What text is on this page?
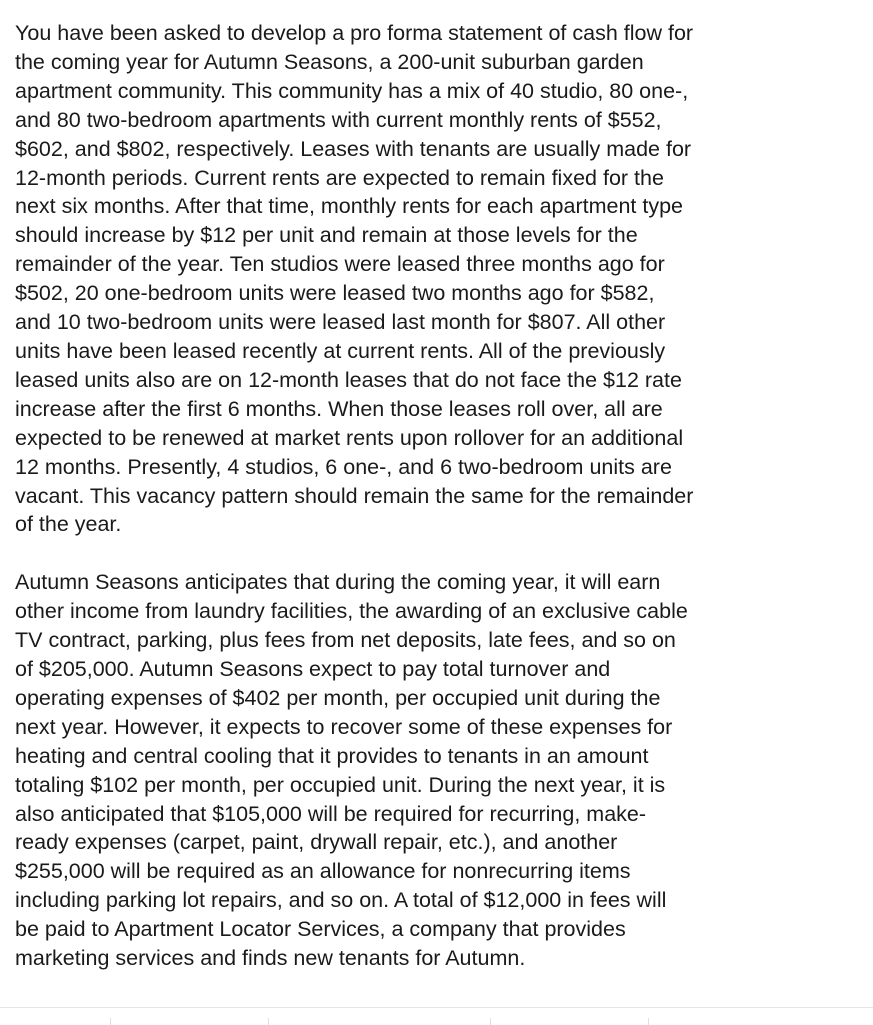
You have been asked to develop a pro forma statement of cash flow for
the coming year for Autumn Seasons, a 200-unit suburban garden
apartment community. This community has a mix of 40 studio, 80 one-,
and 80 two-bedroom apartments with current monthly rents of $552,
$602, and $802, respectively. Leases with tenants are usually made for
12-month periods. Current rents are expected to remain fixed for the
next six months. After that time, monthly rents for each apartment type
should increase by $12 per unit and remain at those levels for the
remainder of the year. Ten studios were leased three months ago for
$502, 20 one-bedroom units were leased two months ago for $582,
and 10 two-bedroom units were leased last month for $807. All other
units have been leased recently at current rents. All of the previously
leased units also are on 12-month leases that do not face the $12 rate
increase after the first 6 months. When those leases roll over, all are
expected to be renewed at market rents upon rollover for an additional
12 months. Presently, 4 studios, 6 one-, and 6 two-bedroom units are
vacant. This vacancy pattern should remain the same for the remainder
of the year.

Autumn Seasons anticipates that during the coming year, it will earn
other income from laundry facilities, the awarding of an exclusive cable
TV contract, parking, plus fees from net deposits, late fees, and so on
of $205,000. Autumn Seasons expect to pay total turnover and
operating expenses of $402 per month, per occupied unit during the
next year. However, it expects to recover some of these expenses for
heating and central cooling that it provides to tenants in an amount
totaling $102 per month, per occupied unit. During the next year, it is
also anticipated that $105,000 will be required for recurring, make-
ready expenses (carpet, paint, drywall repair, etc.), and another
$255,000 will be required as an allowance for nonrecurring items
including parking lot repairs, and so on. A total of $12,000 in fees will
be paid to Apartment Locator Services, a company that provides
marketing services and finds new tenants for Autumn.
